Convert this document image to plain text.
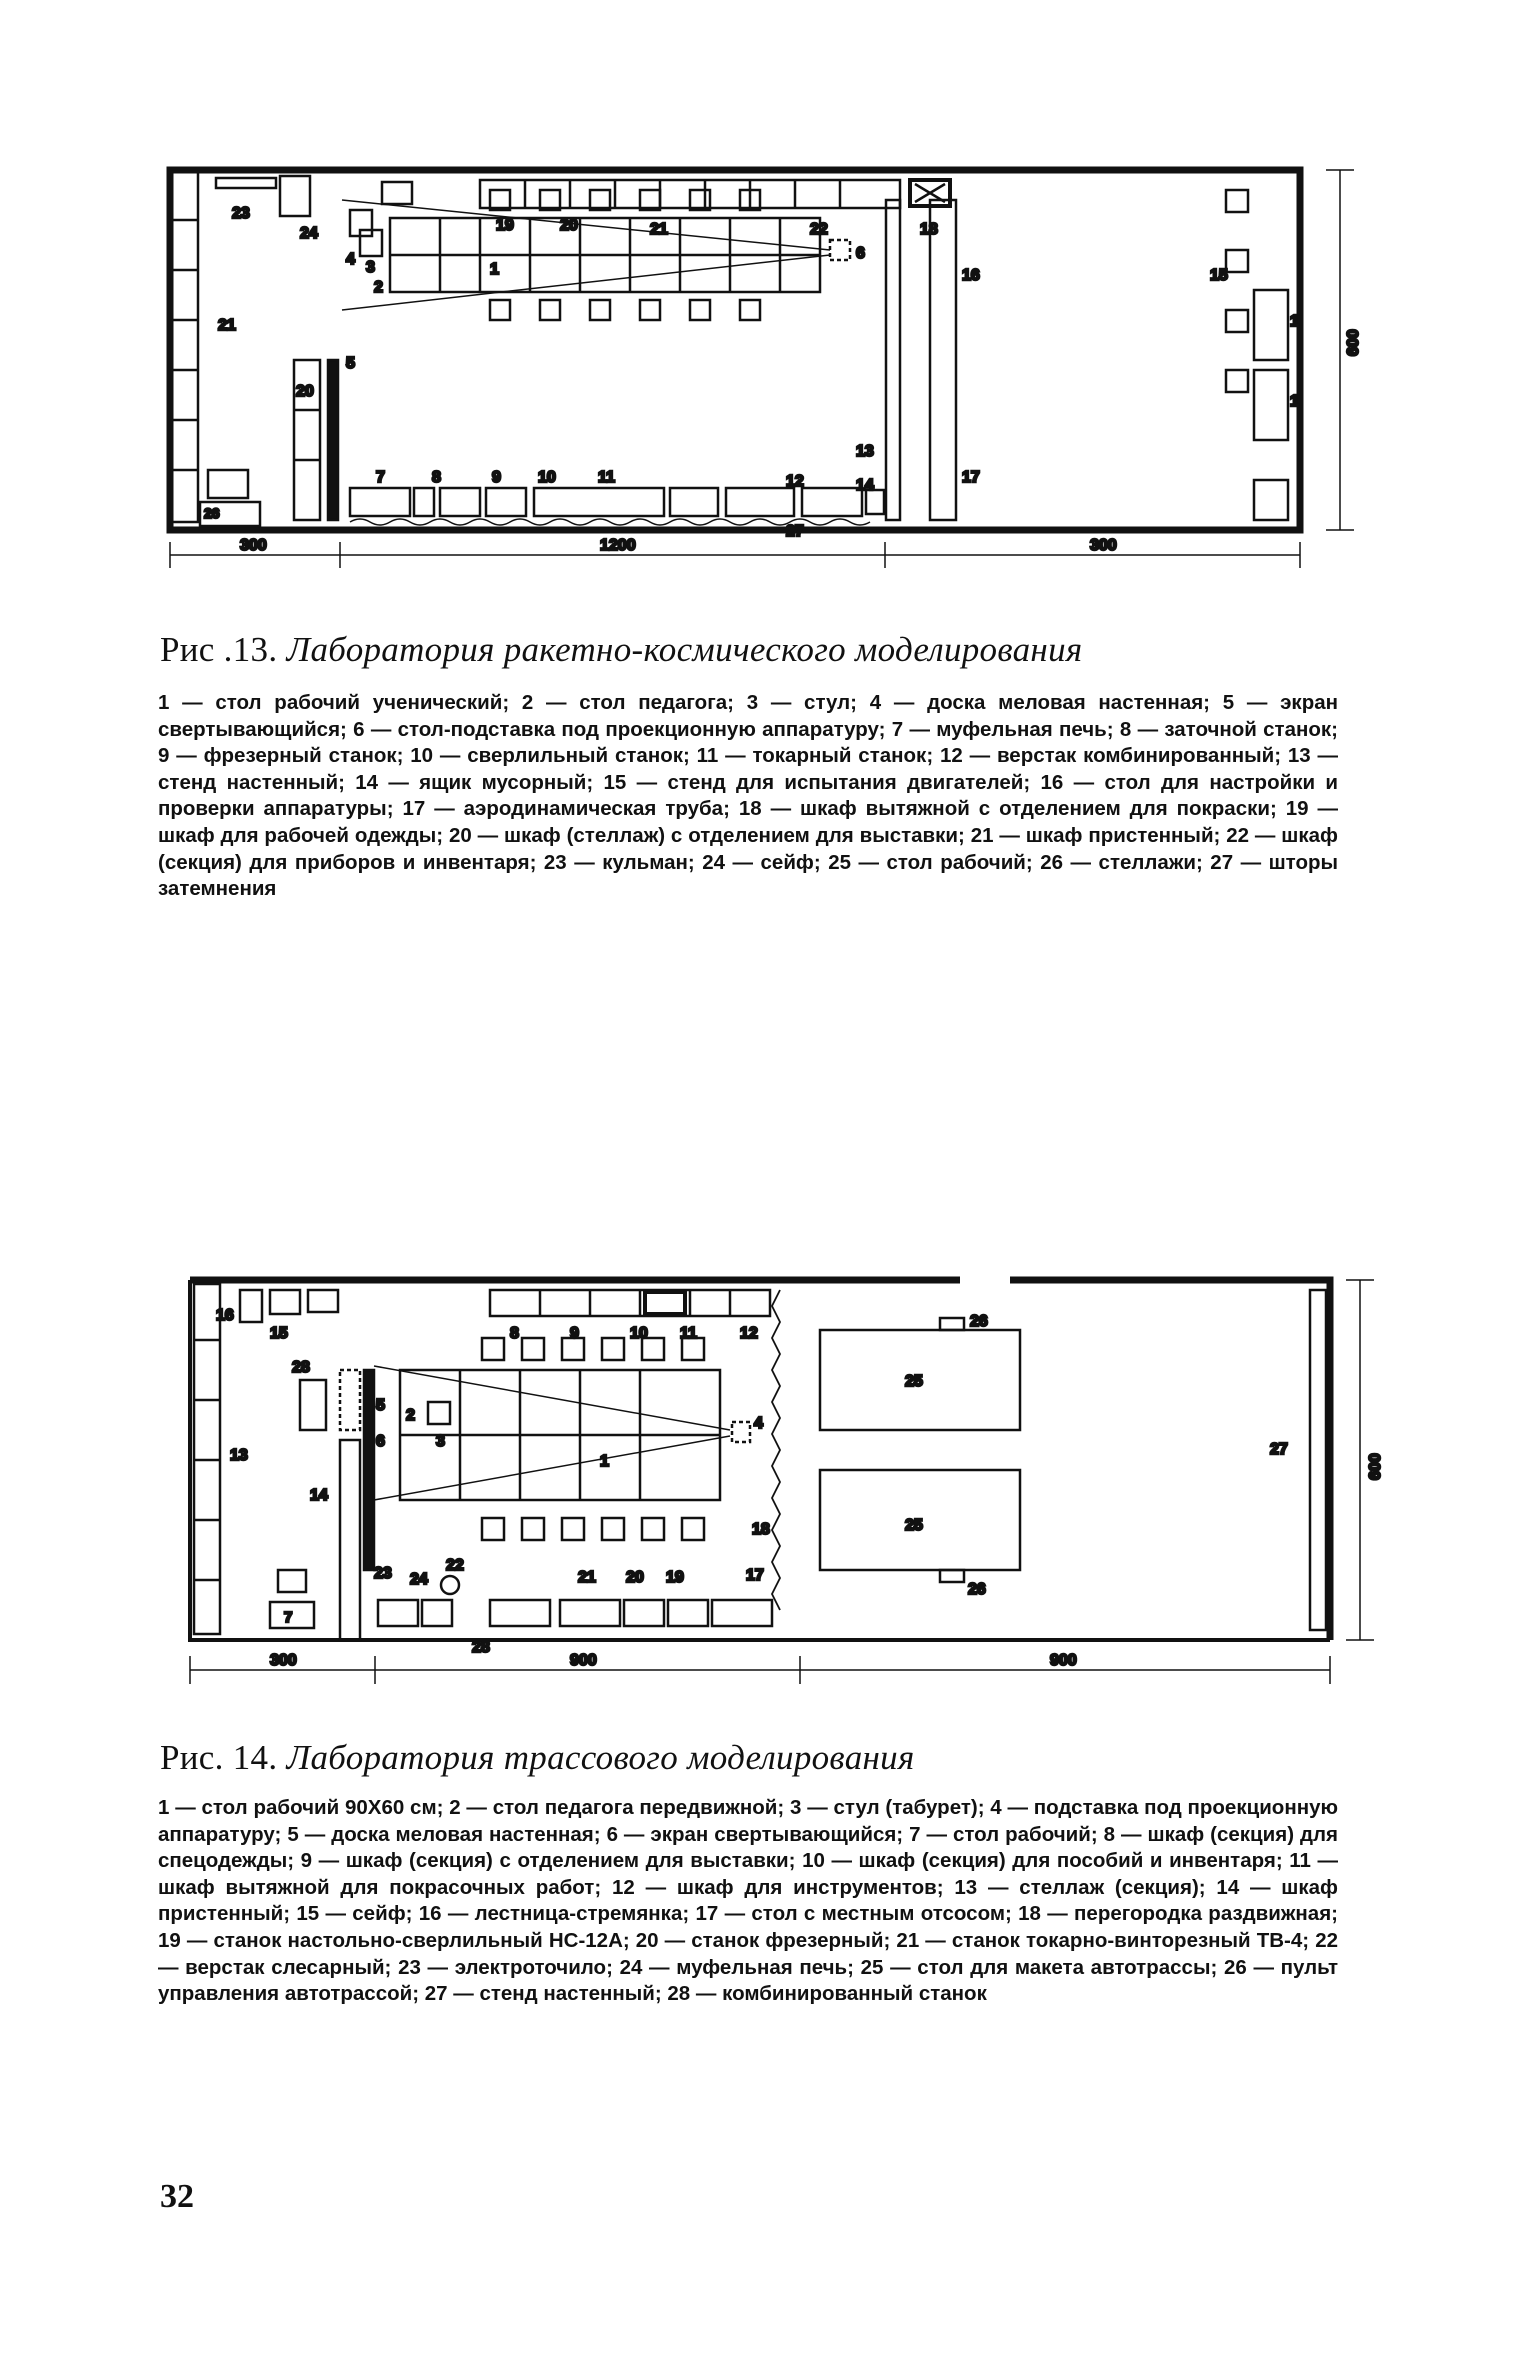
23
24	19	20	21	22	18
15
21
20
4 3	1
2
5
6
16
13
14	17
1
1
7	8	9 10	11	12
26
27
300	1200	300
600
Рис .13. Лаборатория ракетно-космического моделирования

1 — стол рабочий ученический; 2 — стол педагога; 3 — стул; 4 — доска меловая настенная; 5 — экран свертывающийся; 6 — стол-подставка под проекционную аппаратуру; 7 — муфельная печь; 8 — заточной станок; 9 — фрезерный станок; 10 — сверлильный станок; 11 — токарный станок; 12 — верстак комбинированный; 13 — стенд настенный; 14 — ящик мусорный; 15 — стенд для испытания двигателей; 16 — стол для настройки и проверки аппаратуры; 17 — аэродинамическая труба; 18 — шкаф вытяжной с отделением для покраски; 19 — шкаф для рабочей одежды; 20 — шкаф (стеллаж) с отделением для выставки; 21 — шкаф пристенный; 22 — шкаф (секция) для приборов и инвентаря; 23 — кульман; 24 — сейф; 25 — стол рабочий; 26 — стеллажи; 27 — шторы затемнения

16
15	8	9	10 11	12
26
25
28
5
6
2
3
4
1
27
13
14
18	25
23 24
22
21 20 19	17
26
7
28
300	900	900
600
Рис. 14. Лаборатория трассового моделирования

1 — стол рабочий 90Х60 см; 2 — стол педагога передвижной; 3 — стул (табурет); 4 — подставка под проекционную аппаратуру; 5 — доска меловая настенная; 6 — экран свертывающийся; 7 — стол рабочий; 8 — шкаф (секция) для спецодежды; 9 — шкаф (секция) с отделением для выставки; 10 — шкаф (секция) для пособий и инвентаря; 11 — шкаф вытяжной для покрасочных работ; 12 — шкаф для инструментов; 13 — стеллаж (секция); 14 — шкаф пристенный; 15 — сейф; 16 — лестница-стремянка; 17 — стол с местным отсосом; 18 — перегородка раздвижная; 19 — станок настольно-сверлильный НС-12А; 20 — станок фрезерный; 21 — станок токарно-винторезный ТВ-4; 22 — верстак слесарный; 23 — электроточило; 24 — муфельная печь; 25 — стол для макета автотрассы; 26 — пульт управления автотрассой; 27 — стенд настенный; 28 — комбинированный станок

32
